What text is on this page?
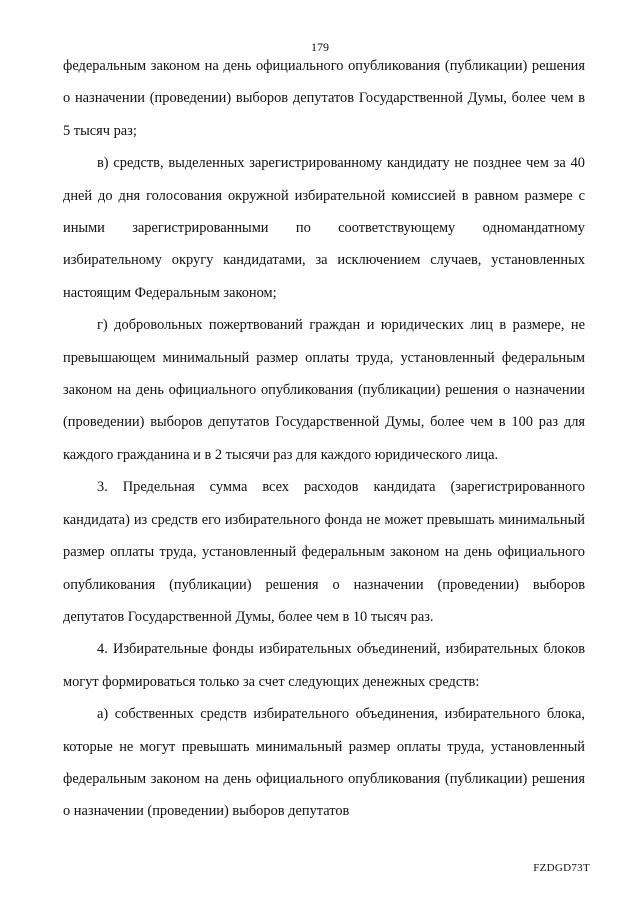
179

федеральным законом на день официального опубликования (публикации) решения о назначении (проведении) выборов депутатов Государственной Думы, более чем в 5 тысяч раз;

в) средств, выделенных зарегистрированному кандидату не позднее чем за 40 дней до дня голосования окружной избирательной комиссией в равном размере с иными зарегистрированными по соответствующему одномандатному избирательному округу кандидатами, за исключением случаев, установленных настоящим Федеральным законом;

г) добровольных пожертвований граждан и юридических лиц в размере, не превышающем минимальный размер оплаты труда, установленный федеральным законом на день официального опубликования (публикации) решения о назначении (проведении) выборов депутатов Государственной Думы, более чем в 100 раз для каждого гражданина и в 2 тысячи раз для каждого юридического лица.

3. Предельная сумма всех расходов кандидата (зарегистрированного кандидата) из средств его избирательного фонда не может превышать минимальный размер оплаты труда, установленный федеральным законом на день официального опубликования (публикации) решения о назначении (проведении) выборов депутатов Государственной Думы, более чем в 10 тысяч раз.

4. Избирательные фонды избирательных объединений, избирательных блоков могут формироваться только за счет следующих денежных средств:

а) собственных средств избирательного объединения, избирательного блока, которые не могут превышать минимальный размер оплаты труда, установленный федеральным законом на день официального опубликования (публикации) решения о назначении (проведении) выборов депутатов

FZDGD73T
